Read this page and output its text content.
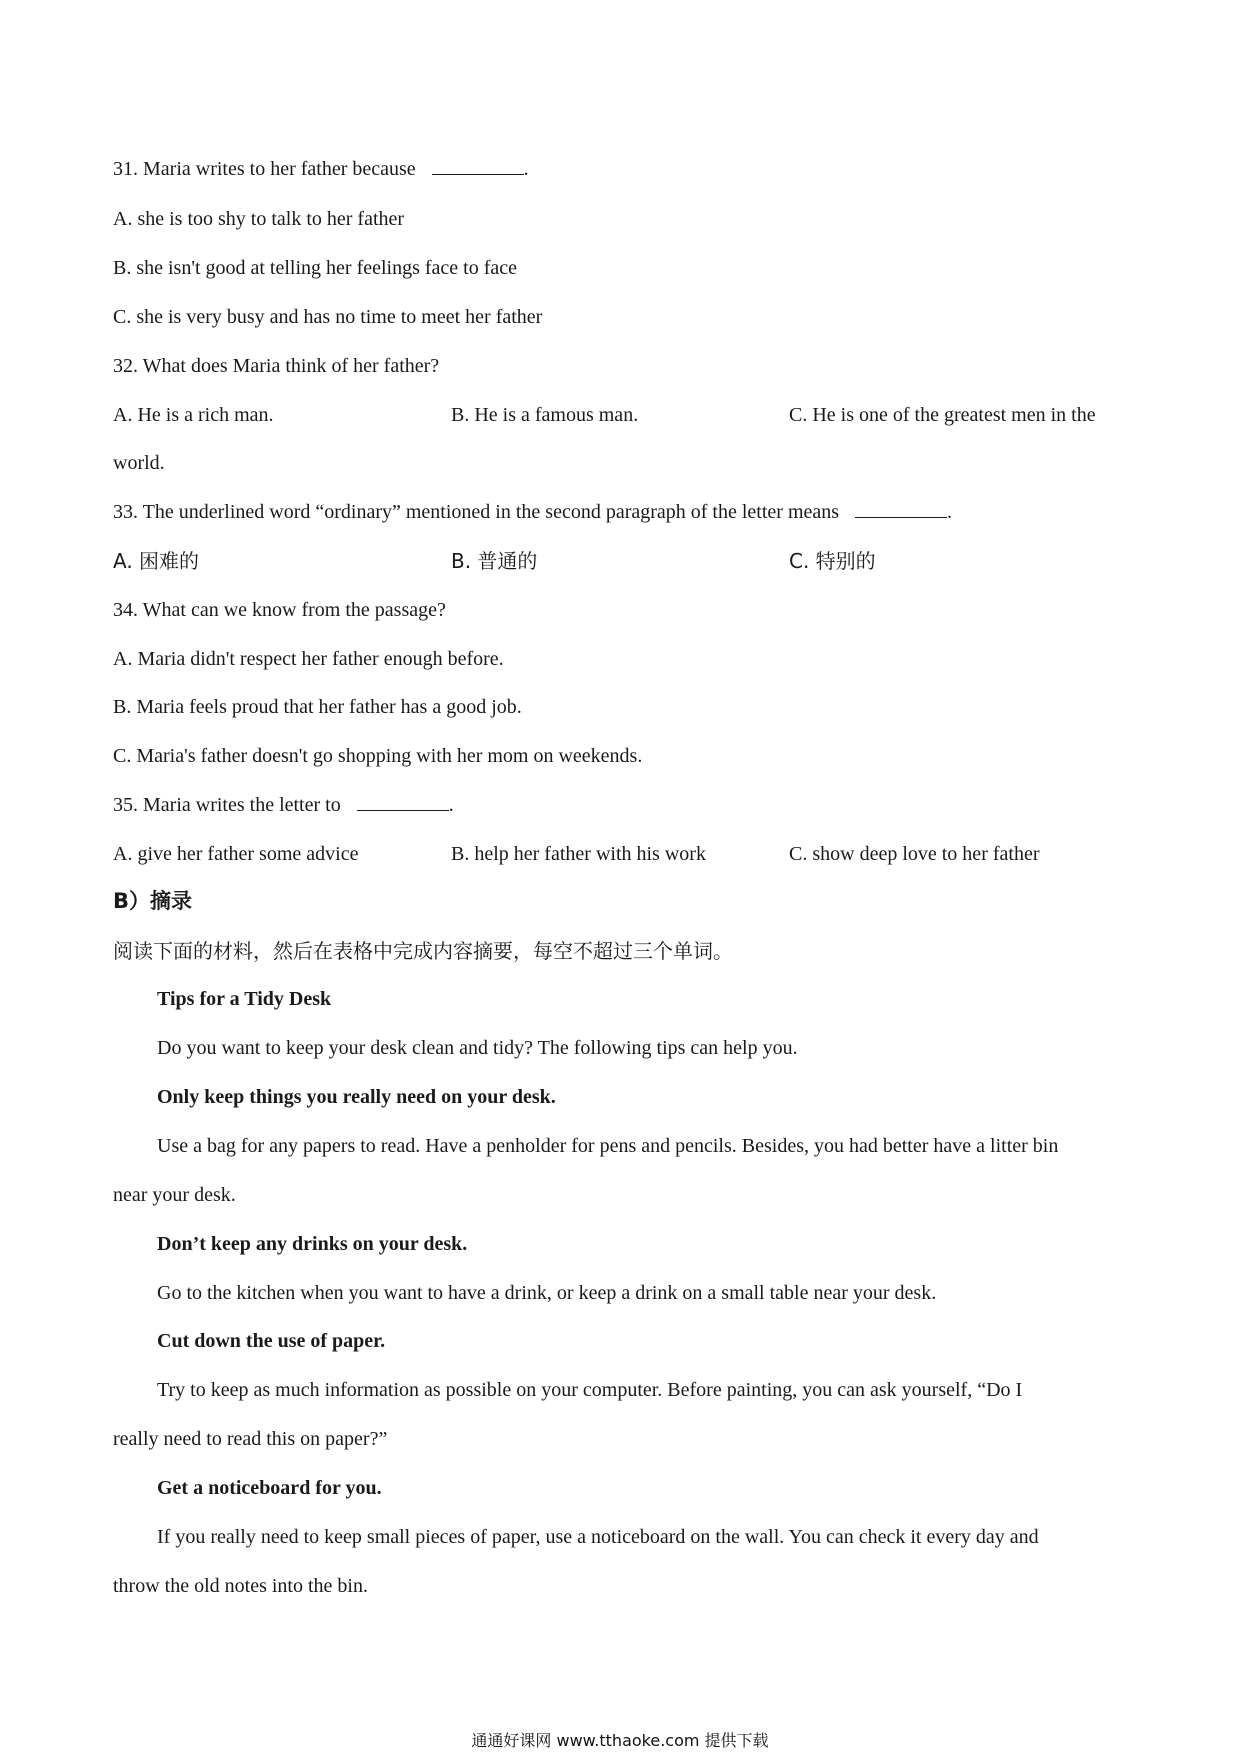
31. Maria writes to her father because	.
A. she is too shy to talk to her father
B. she isn't good at telling her feelings face to face
C. she is very busy and has no time to meet her father
32. What does Maria think of her father?
A. He is a rich man.	B. He is a famous man.	C. He is one of the greatest men in the
world.
33. The underlined word “ordinary” mentioned in the second paragraph of the letter means	.
A. 困难的	B. 普通的	C. 特别的
34. What can we know from the passage?
A. Maria didn't respect her father enough before.
B. Maria feels proud that her father has a good job.
C. Maria's father doesn't go shopping with her mom on weekends.
35. Maria writes the letter to	.
A. give her father some advice	B. help her father with his work	C. show deep love to her father
B）摘录
阅读下面的材料，然后在表格中完成内容摘要，每空不超过三个单词。
Tips for a Tidy Desk
Do you want to keep your desk clean and tidy? The following tips can help you.
Only keep things you really need on your desk.
Use a bag for any papers to read. Have a penholder for pens and pencils. Besides, you had better have a litter bin
near your desk.
Don’t keep any drinks on your desk.
Go to the kitchen when you want to have a drink, or keep a drink on a small table near your desk.
Cut down the use of paper.
Try to keep as much information as possible on your computer. Before painting, you can ask yourself, “Do I
really need to read this on paper?”
Get a noticeboard for you.
If you really need to keep small pieces of paper, use a noticeboard on the wall. You can check it every day and
throw the old notes into the bin.
通通好课网 www.tthaoke.com 提供下载
